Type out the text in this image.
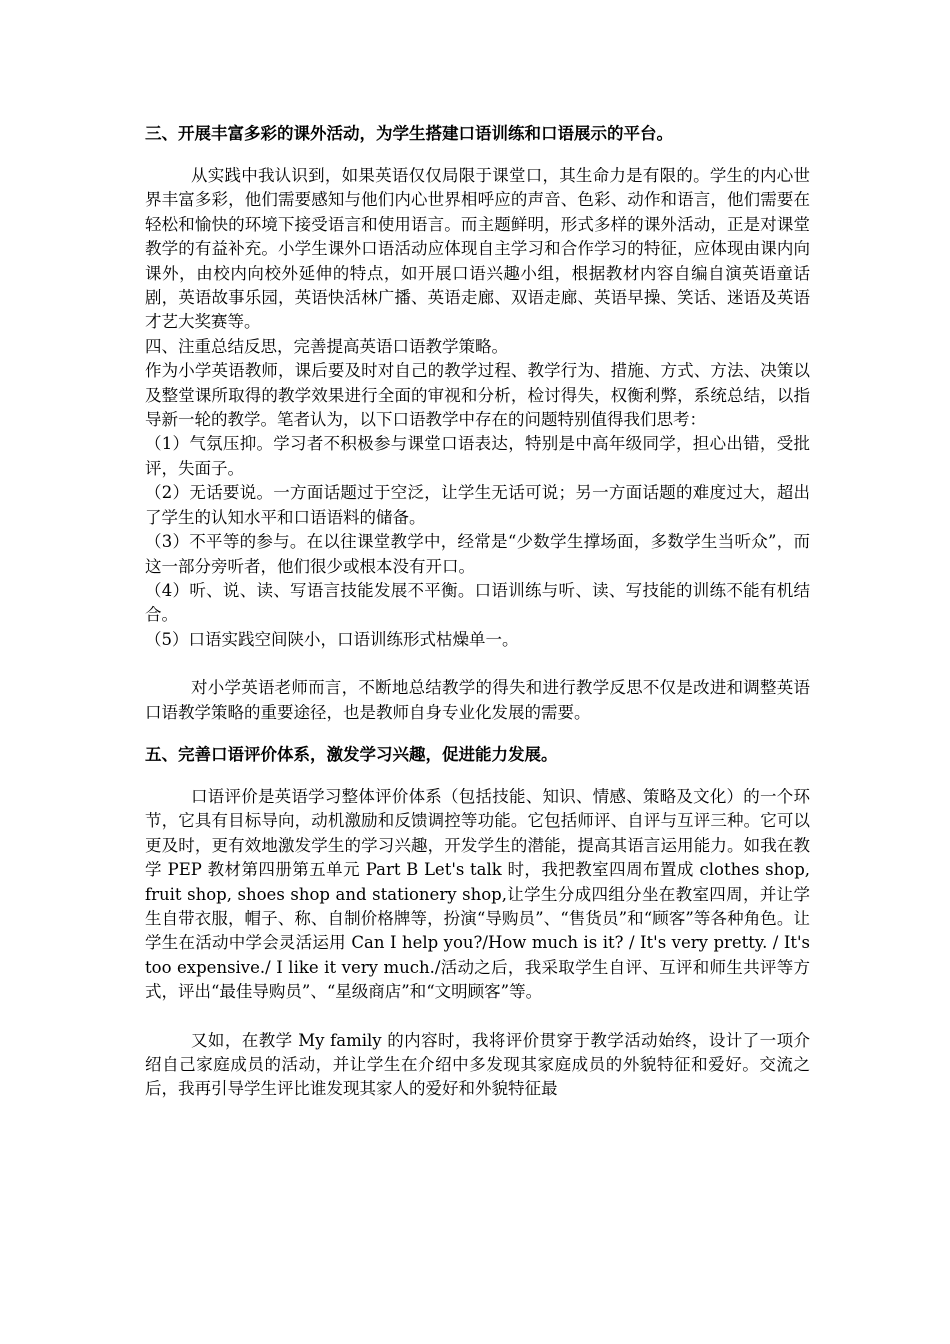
三、开展丰富多彩的课外活动，为学生搭建口语训练和口语展示的平台。

从实践中我认识到，如果英语仅仅局限于课堂口，其生命力是有限的。学生的内心世界丰富多彩，他们需要感知与他们内心世界相呼应的声音、色彩、动作和语言，他们需要在轻松和愉快的环境下接受语言和使用语言。而主题鲜明，形式多样的课外活动，正是对课堂教学的有益补充。小学生课外口语活动应体现自主学习和合作学习的特征，应体现由课内向课外，由校内向校外延伸的特点，如开展口语兴趣小组，根据教材内容自编自演英语童话剧，英语故事乐园，英语快活林广播、英语走廊、双语走廊、英语早操、笑话、迷语及英语才艺大奖赛等。

四、注重总结反思，完善提高英语口语教学策略。

作为小学英语教师，课后要及时对自己的教学过程、教学行为、措施、方式、方法、决策以及整堂课所取得的教学效果进行全面的审视和分析，检讨得失，权衡利弊，系统总结，以指导新一轮的教学。笔者认为，以下口语教学中存在的问题特别值得我们思考：

（1）气氛压抑。学习者不积极参与课堂口语表达，特别是中高年级同学，担心出错，受批评，失面子。

（2）无话要说。一方面话题过于空泛，让学生无话可说；另一方面话题的难度过大，超出了学生的认知水平和口语语料的储备。

（3）不平等的参与。在以往课堂教学中，经常是“少数学生撑场面，多数学生当听众”，而这一部分旁听者，他们很少或根本没有开口。

（4）听、说、读、写语言技能发展不平衡。口语训练与听、读、写技能的训练不能有机结合。

（5）口语实践空间陕小，口语训练形式枯燥单一。

对小学英语老师而言，不断地总结教学的得失和进行教学反思不仅是改进和调整英语口语教学策略的重要途径，也是教师自身专业化发展的需要。

五、完善口语评价体系，激发学习兴趣，促进能力发展。

口语评价是英语学习整体评价体系（包括技能、知识、情感、策略及文化）的一个环节，它具有目标导向，动机激励和反馈调控等功能。它包括师评、自评与互评三种。它可以更及时，更有效地激发学生的学习兴趣，开发学生的潜能，提高其语言运用能力。如我在教学 PEP 教材第四册第五单元 Part B Let's talk 时，我把教室四周布置成 clothes shop, fruit shop, shoes shop and stationery shop,让学生分成四组分坐在教室四周，并让学生自带衣服，帽子、称、自制价格牌等，扮演“导购员”、“售货员”和“顾客”等各种角色。让学生在活动中学会灵活运用 Can I help you?/How much is it? / It's very pretty. / It's too expensive./ I like it very much./活动之后，我采取学生自评、互评和师生共评等方式，评出“最佳导购员”、“星级商店”和“文明顾客”等。

又如，在教学 My family 的内容时，我将评价贯穿于教学活动始终，设计了一项介绍自己家庭成员的活动，并让学生在介绍中多发现其家庭成员的外貌特征和爱好。交流之后，我再引导学生评比谁发现其家人的爱好和外貌特征最
